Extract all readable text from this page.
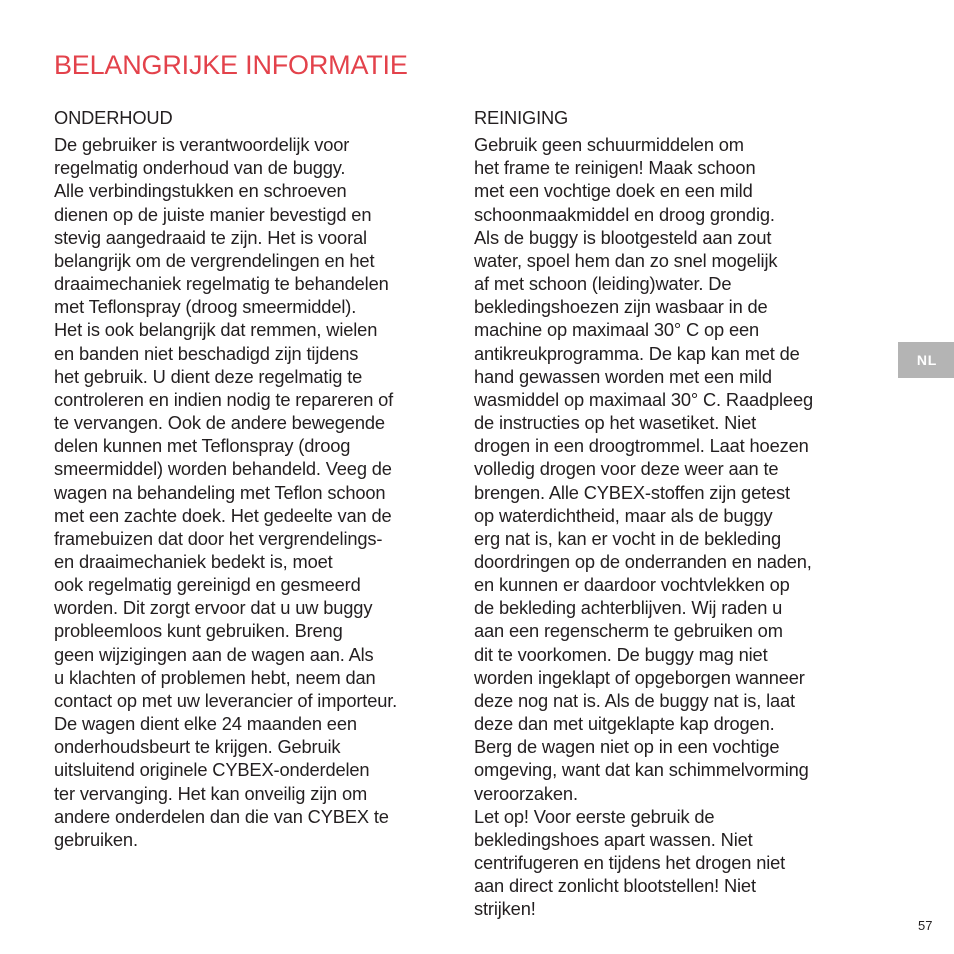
BELANGRIJKE INFORMATIE
ONDERHOUD
De gebruiker is verantwoordelijk voor
regelmatig onderhoud van de buggy.
Alle verbindingstukken en schroeven
dienen op de juiste manier bevestigd en
stevig aangedraaid te zijn. Het is vooral
belangrijk om de vergrendelingen en het
draaimechaniek regelmatig te behandelen
met Teflonspray (droog smeermiddel).
Het is ook belangrijk dat remmen, wielen
en banden niet beschadigd zijn tijdens
het gebruik. U dient deze regelmatig te
controleren en indien nodig te repareren of
te vervangen. Ook de andere bewegende
delen kunnen met Teflonspray (droog
smeermiddel) worden behandeld. Veeg de
wagen na behandeling met Teflon schoon
met een zachte doek. Het gedeelte van de
framebuizen dat door het vergrendelings-
en draaimechaniek bedekt is, moet
ook regelmatig gereinigd en gesmeerd
worden. Dit zorgt ervoor dat u uw buggy
probleemloos kunt gebruiken. Breng
geen wijzigingen aan de wagen aan. Als
u klachten of problemen hebt, neem dan
contact op met uw leverancier of importeur.
De wagen dient elke 24 maanden een
onderhoudsbeurt te krijgen. Gebruik
uitsluitend originele CYBEX-onderdelen
ter vervanging. Het kan onveilig zijn om
andere onderdelen dan die van CYBEX te
gebruiken.
REINIGING
Gebruik geen schuurmiddelen om
het frame te reinigen! Maak schoon
met een vochtige doek en een mild
schoonmaakmiddel en droog grondig.
Als de buggy is blootgesteld aan zout
water, spoel hem dan zo snel mogelijk
af met schoon (leiding)water. De
bekledingshoezen zijn wasbaar in de
machine op maximaal 30° C op een
antikreukprogramma. De kap kan met de
hand gewassen worden met een mild
wasmiddel op maximaal 30° C. Raadpleeg
de instructies op het wasetiket. Niet
drogen in een droogtrommel. Laat hoezen
volledig drogen voor deze weer aan te
brengen. Alle CYBEX-stoffen zijn getest
op waterdichtheid, maar als de buggy
erg nat is, kan er vocht in de bekleding
doordringen op de onderranden en naden,
en kunnen er daardoor vochtvlekken op
de bekleding achterblijven. Wij raden u
aan een regenscherm te gebruiken om
dit te voorkomen. De buggy mag niet
worden ingeklapt of opgeborgen wanneer
deze nog nat is. Als de buggy nat is, laat
deze dan met uitgeklapte kap drogen.
Berg de wagen niet op in een vochtige
omgeving, want dat kan schimmelvorming
veroorzaken.
Let op! Voor eerste gebruik de
bekledingshoes apart wassen. Niet
centrifugeren en tijdens het drogen niet
aan direct zonlicht blootstellen! Niet
strijken!
NL
57
